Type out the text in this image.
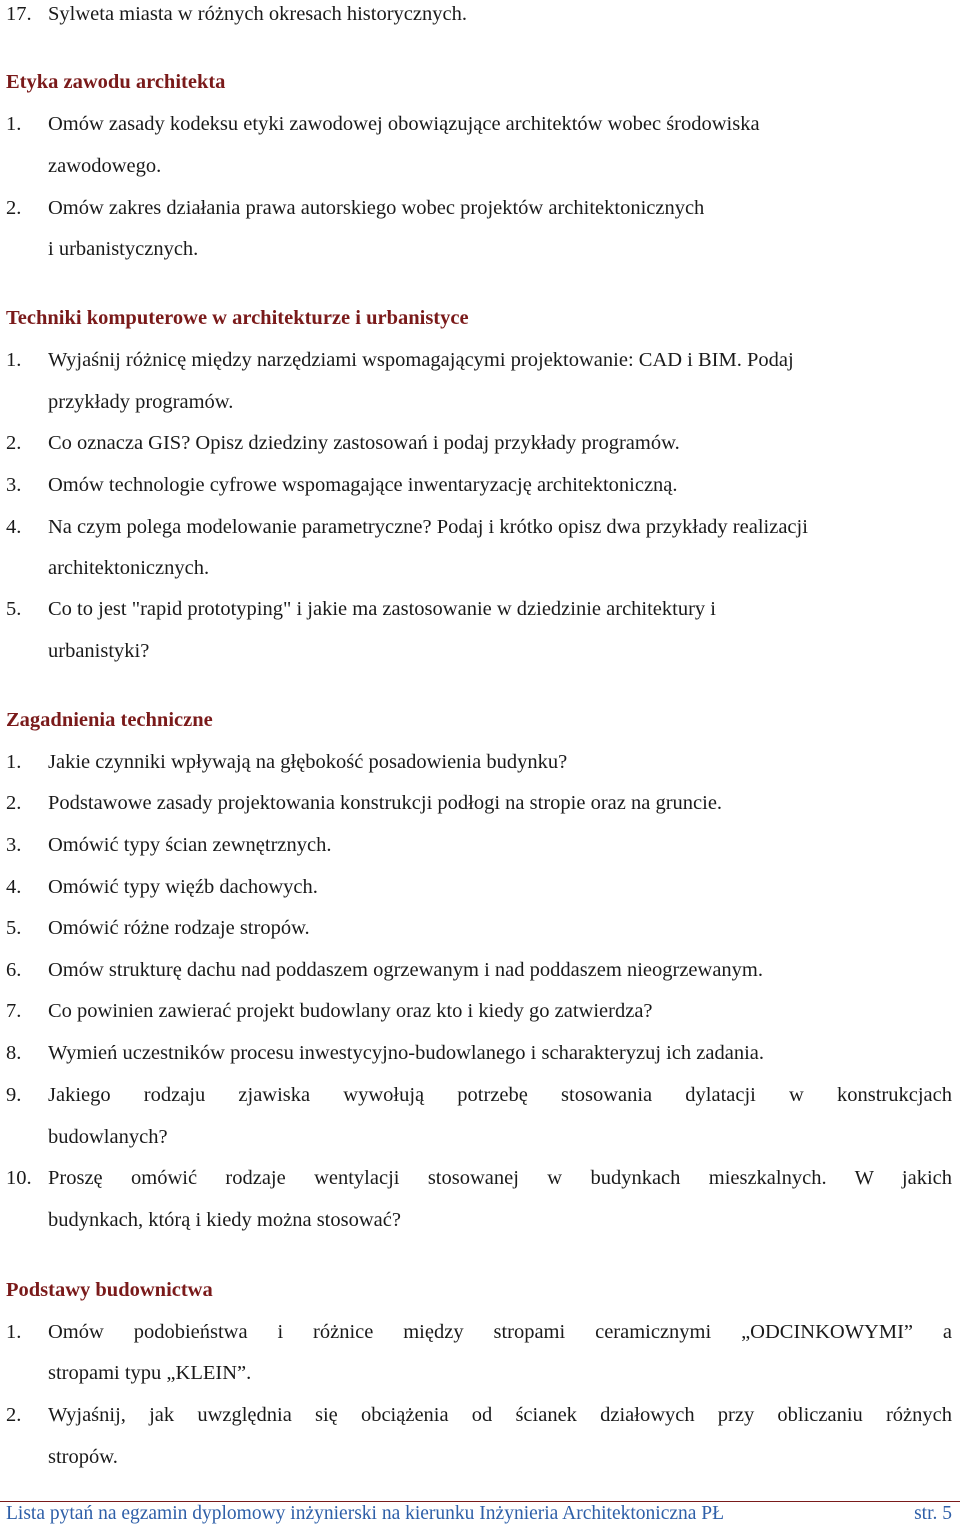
17. Sylweta miasta w różnych okresach historycznych.
Etyka zawodu architekta
1.	Omów zasady kodeksu etyki zawodowej obowiązujące architektów wobec środowiska
zawodowego.
2.	Omów zakres działania prawa autorskiego wobec projektów architektonicznych
i urbanistycznych.
Techniki komputerowe w architekturze i urbanistyce
1.	Wyjaśnij różnicę między narzędziami wspomagającymi projektowanie: CAD i BIM. Podaj
przykłady programów.
2.	Co oznacza GIS? Opisz dziedziny zastosowań i podaj przykłady programów.
3.	Omów technologie cyfrowe wspomagające inwentaryzację architektoniczną.
4.	Na czym polega modelowanie parametryczne? Podaj i krótko opisz dwa przykłady realizacji
architektonicznych.
5.	Co to jest "rapid prototyping" i jakie ma zastosowanie w dziedzinie architektury i
urbanistyki?
Zagadnienia techniczne
1.	Jakie czynniki wpływają na głębokość posadowienia budynku?
2.	Podstawowe zasady projektowania konstrukcji podłogi na stropie oraz na gruncie.
3.	Omówić typy ścian zewnętrznych.
4.	Omówić typy więźb dachowych.
5.	Omówić różne rodzaje stropów.
6.	Omów strukturę dachu nad poddaszem ogrzewanym i nad poddaszem nieogrzewanym.
7.	Co powinien zawierać projekt budowlany oraz kto i kiedy go zatwierdza?
8.	Wymień uczestników procesu inwestycyjno-budowlanego i scharakteryzuj ich zadania.
9.	Jakiego rodzaju zjawiska wywołują potrzebę stosowania dylatacji w konstrukcjach
budowlanych?
10. Proszę omówić rodzaje wentylacji stosowanej w budynkach mieszkalnych. W jakich
budynkach, którą i kiedy można stosować?
Podstawy budownictwa
1.	Omów podobieństwa i różnice między stropami ceramicznymi „ODCINKOWYMI” a
stropami typu „KLEIN”.
2.	Wyjaśnij, jak uwzględnia się obciążenia od ścianek działowych przy obliczaniu różnych
stropów.
Lista pytań na egzamin dyplomowy inżynierski na kierunku Inżynieria Architektoniczna PŁ	str. 5
